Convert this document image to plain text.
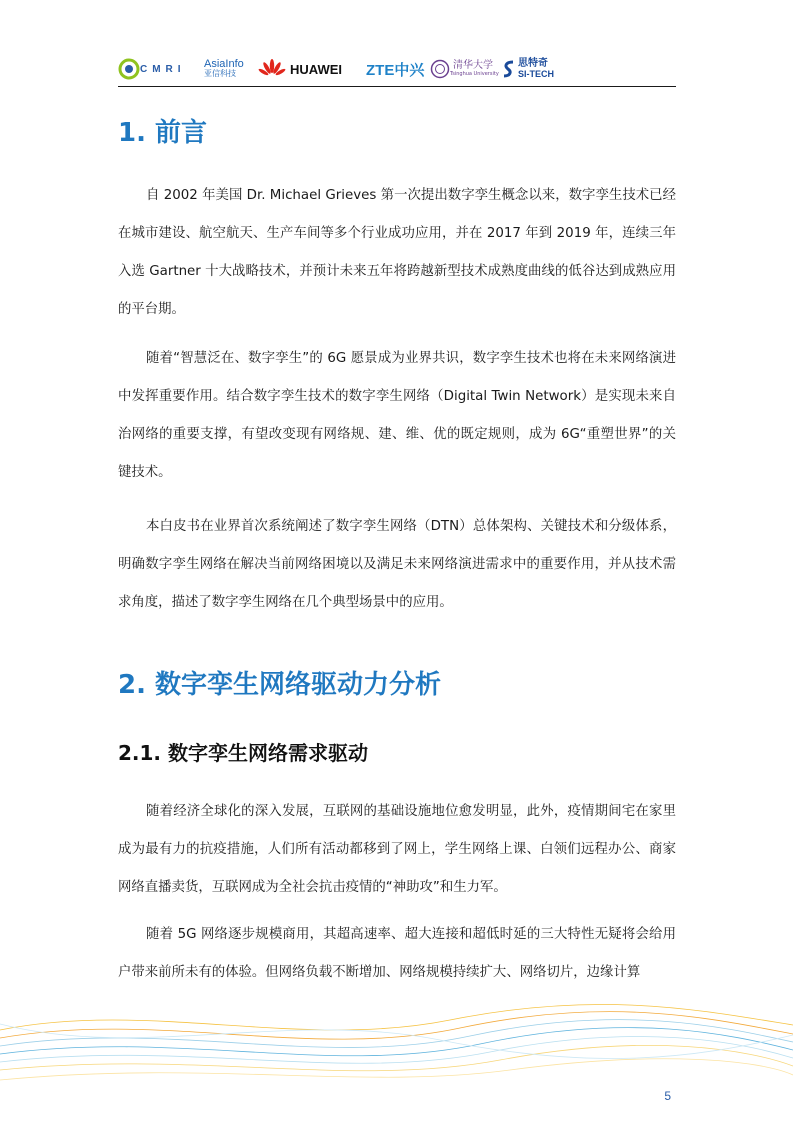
CMRI AsiaInfo
亚信科技	HUAWEI ZTE中兴	清华大学
Tsinghua University
思特奇
SI-TECH
1. 前言

自 2002 年美国 Dr. Michael Grieves 第一次提出数字孪生概念以来，数字孪生技术已经在城市建设、航空航天、生产车间等多个行业成功应用，并在 2017 年到 2019 年，连续三年入选 Gartner 十大战略技术，并预计未来五年将跨越新型技术成熟度曲线的低谷达到成熟应用的平台期。

随着“智慧泛在、数字孪生”的 6G 愿景成为业界共识，数字孪生技术也将在未来网络演进中发挥重要作用。结合数字孪生技术的数字孪生网络（Digital Twin Network）是实现未来自治网络的重要支撑，有望改变现有网络规、建、维、优的既定规则，成为 6G“重塑世界”的关键技术。

本白皮书在业界首次系统阐述了数字孪生网络（DTN）总体架构、关键技术和分级体系，明确数字孪生网络在解决当前网络困境以及满足未来网络演进需求中的重要作用，并从技术需求角度，描述了数字孪生网络在几个典型场景中的应用。

2. 数字孪生网络驱动力分析
2.1. 数字孪生网络需求驱动

随着经济全球化的深入发展，互联网的基础设施地位愈发明显，此外，疫情期间宅在家里成为最有力的抗疫措施，人们所有活动都移到了网上，学生网络上课、白领们远程办公、商家网络直播卖货，互联网成为全社会抗击疫情的“神助攻”和生力军。

随着 5G 网络逐步规模商用，其超高速率、超大连接和超低时延的三大特性无疑将会给用户带来前所未有的体验。但网络负载不断增加、网络规模持续扩大、网络切片，边缘计算

5
